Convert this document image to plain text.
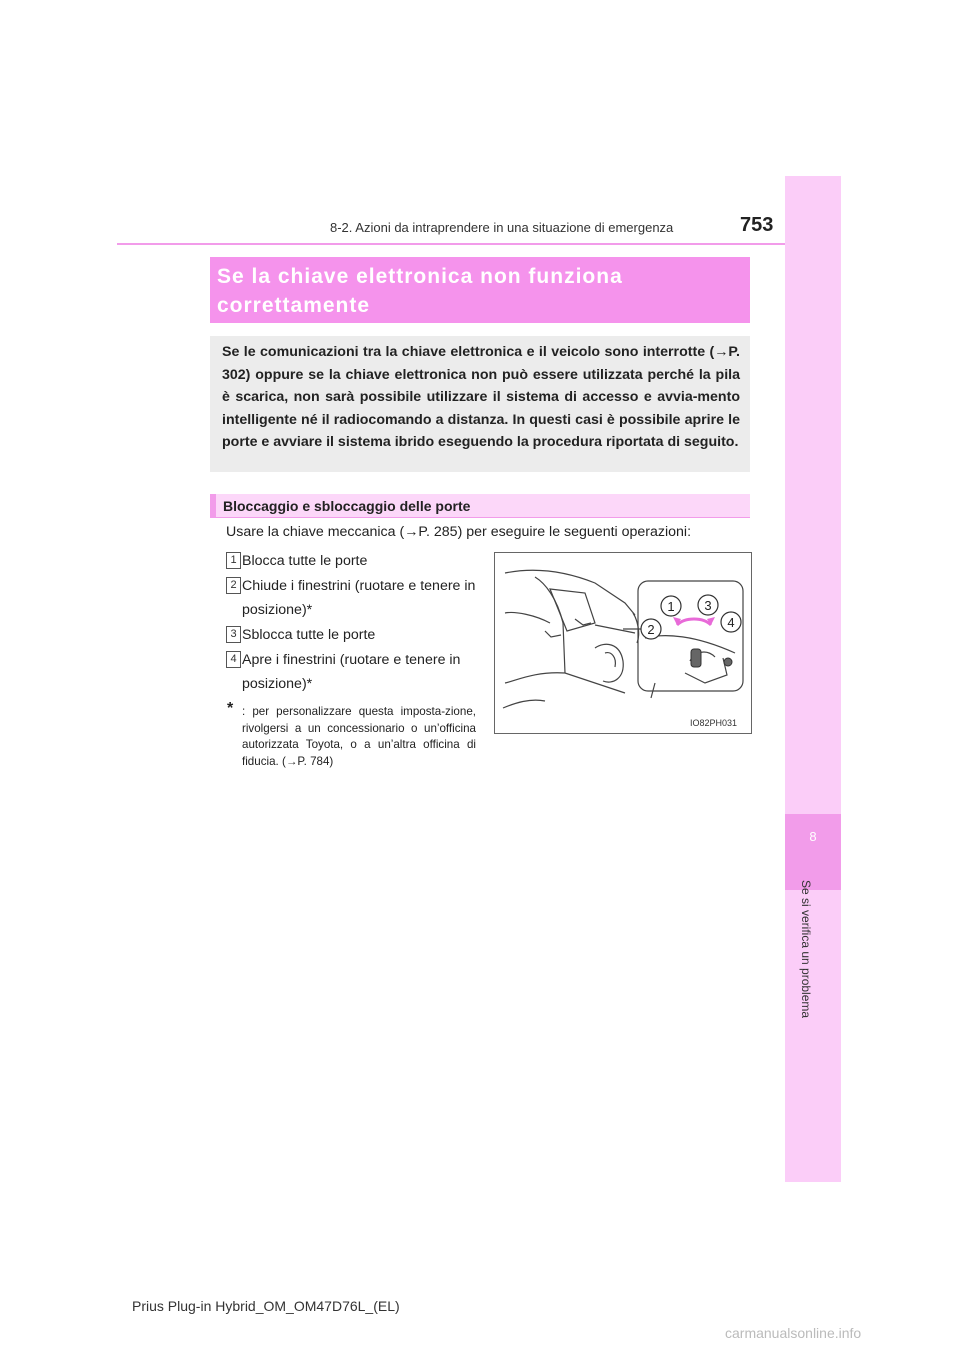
8
Se si verifica un problema
8-2. Azioni da intraprendere in una situazione di emergenza	753
Se la chiave elettronica non funziona
correttamente
Se le comunicazioni tra la chiave elettronica e il veicolo sono interrotte (→P. 302) oppure se la chiave elettronica non può essere utilizzata perché la pila è scarica, non sarà possibile utilizzare il sistema di accesso e avvia-mento intelligente né il radiocomando a distanza. In questi casi è possibile aprire le porte e avviare il sistema ibrido eseguendo la procedura riportata di seguito.
Bloccaggio e sbloccaggio delle porte
Usare la chiave meccanica (→P. 285) per eseguire le seguenti operazioni:
1 Blocca tutte le porte
2 Chiude i finestrini (ruotare e tenere in posizione)*
3 Sblocca tutte le porte
4 Apre i finestrini (ruotare e tenere in posizione)*
* : per personalizzare questa imposta-zione, rivolgersi a un concessionario o un’officina autorizzata Toyota, o a un’altra officina di fiducia. (→P. 784)
1
2
3
4
IO82PH031
Prius Plug-in Hybrid_OM_OM47D76L_(EL)
carmanualsonline.info
